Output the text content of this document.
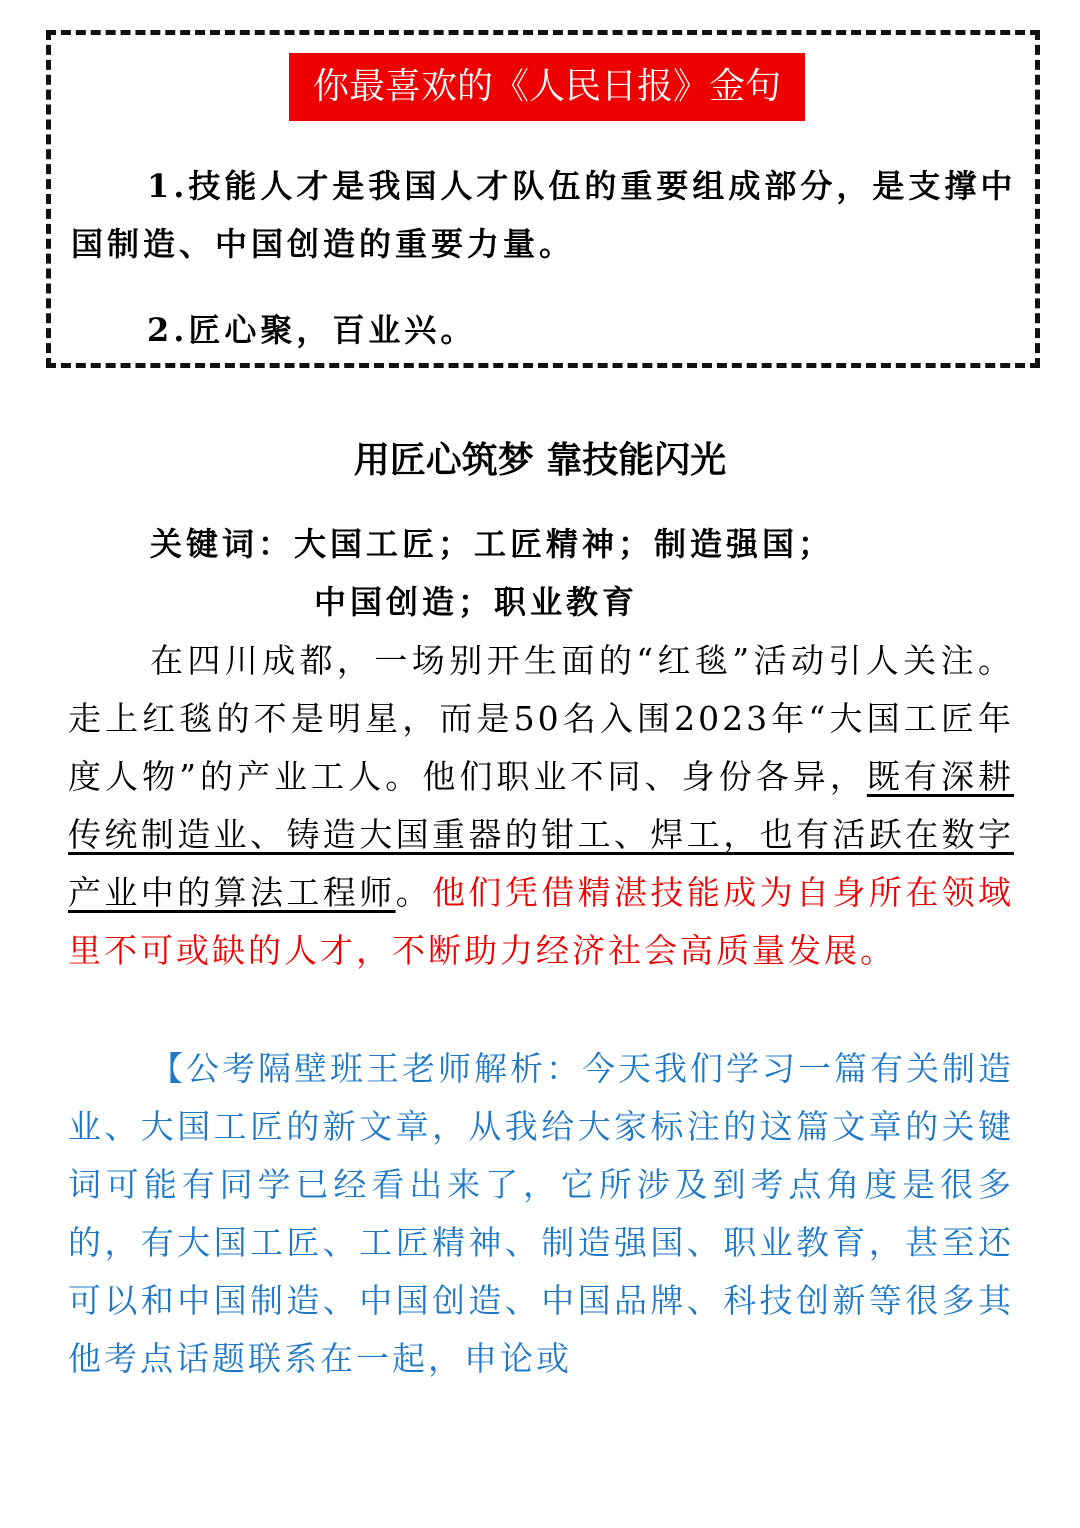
你最喜欢的《人民日报》金句
1.技能人才是我国人才队伍的重要组成部分，是支撑中国制造、中国创造的重要力量。
2.匠心聚，百业兴。
用匠心筑梦 靠技能闪光
关键词：大国工匠；工匠精神；制造强国；
中国创造；职业教育
在四川成都，一场别开生面的“红毯”活动引人关注。走上红毯的不是明星，而是50名入围2023年“大国工匠年度人物”的产业工人。他们职业不同、身份各异，既有深耕传统制造业、铸造大国重器的钳工、焊工，也有活跃在数字产业中的算法工程师。他们凭借精湛技能成为自身所在领域里不可或缺的人才，不断助力经济社会高质量发展。
【公考隔壁班王老师解析：今天我们学习一篇有关制造业、大国工匠的新文章，从我给大家标注的这篇文章的关键词可能有同学已经看出来了，它所涉及到考点角度是很多的，有大国工匠、工匠精神、制造强国、职业教育，甚至还可以和中国制造、中国创造、中国品牌、科技创新等很多其他考点话题联系在一起，申论或
